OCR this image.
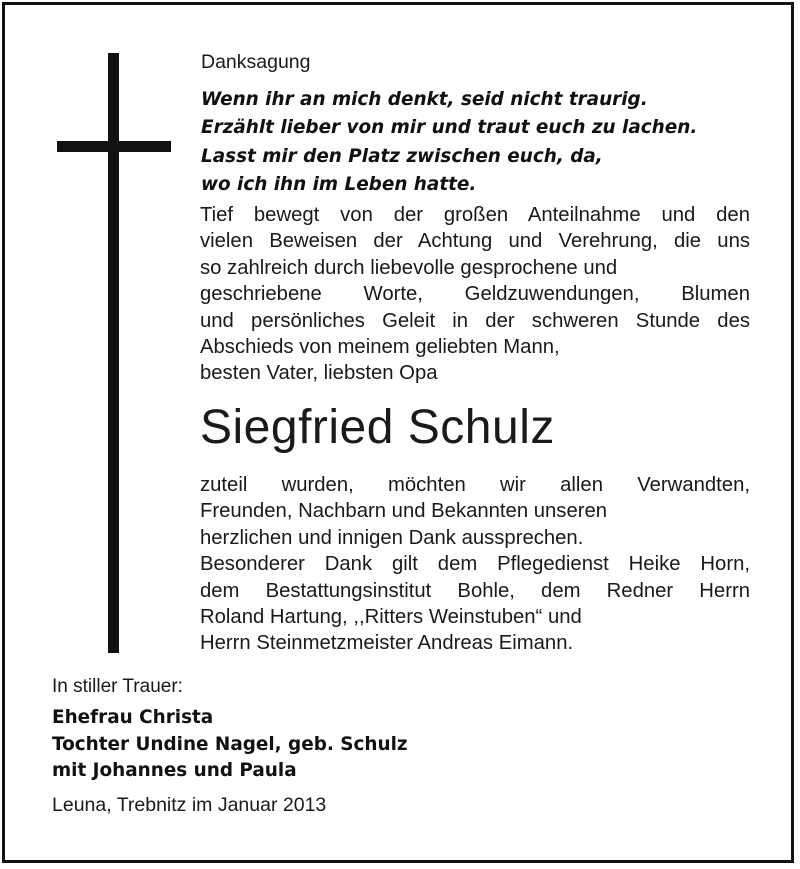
Danksagung
Wenn ihr an mich denkt, seid nicht traurig.
Erzählt lieber von mir und traut euch zu lachen.
Lasst mir den Platz zwischen euch, da,
wo ich ihn im Leben hatte.
Tief bewegt von der großen Anteilnahme und den
vielen Beweisen der Achtung und Verehrung, die uns
so zahlreich durch liebevolle gesprochene und
geschriebene Worte, Geldzuwendungen, Blumen
und persönliches Geleit in der schweren Stunde des
Abschieds von meinem geliebten Mann,
besten Vater, liebsten Opa
Siegfried Schulz
zuteil wurden, möchten wir allen Verwandten,
Freunden, Nachbarn und Bekannten unseren
herzlichen und innigen Dank aussprechen.
Besonderer Dank gilt dem Pflegedienst Heike Horn,
dem Bestattungsinstitut Bohle, dem Redner Herrn
Roland Hartung, ,,Ritters Weinstuben“ und
Herrn Steinmetzmeister Andreas Eimann.
In stiller Trauer:
Ehefrau Christa
Tochter Undine Nagel, geb. Schulz
mit Johannes und Paula
Leuna, Trebnitz im Januar 2013
